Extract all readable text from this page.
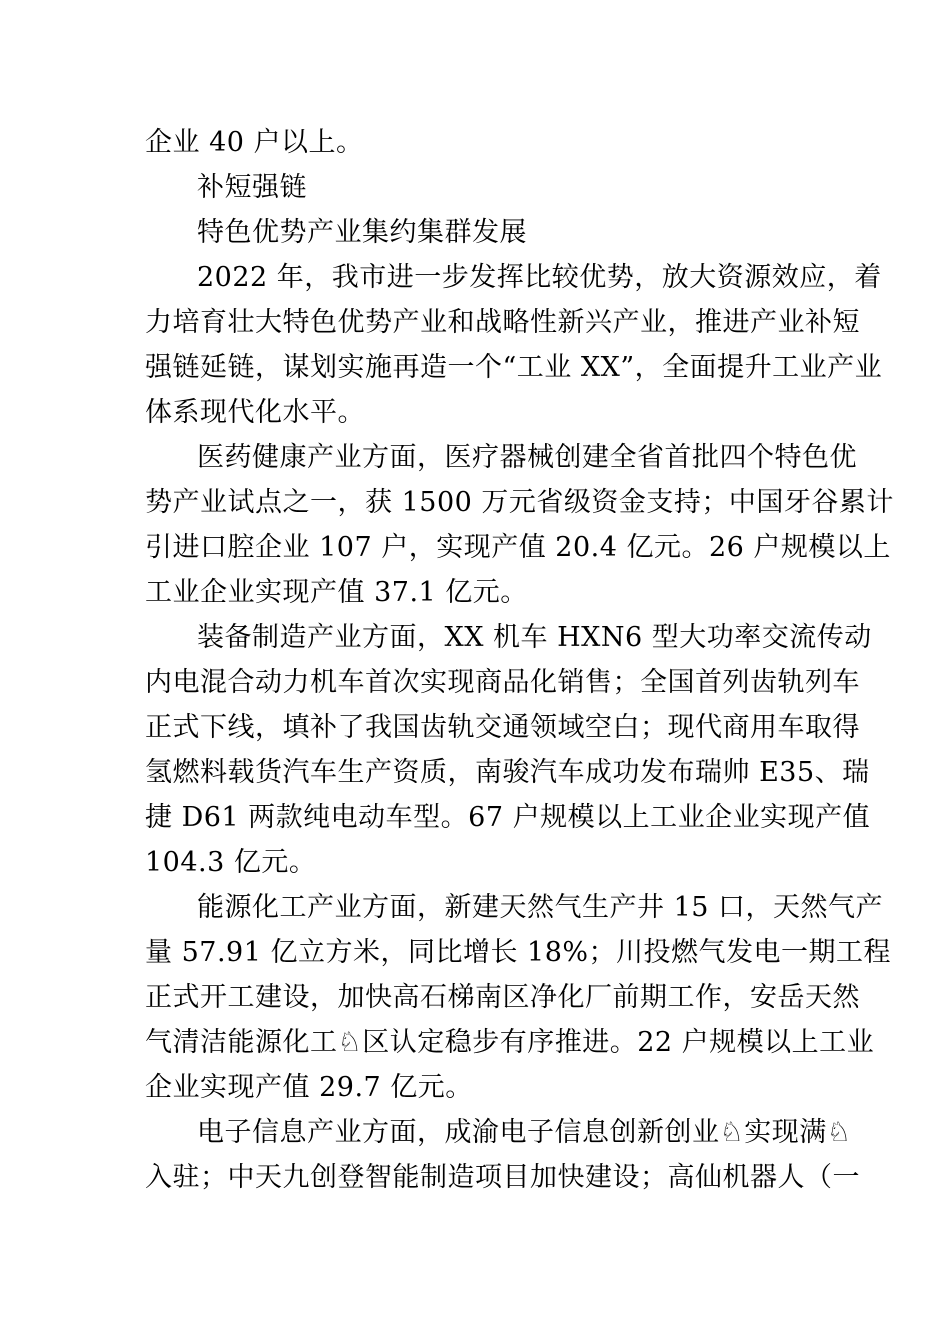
企业 40 户以上。
补短强链
特色优势产业集约集群发展
2022 年，我市进一步发挥比较优势，放大资源效应，着
力培育壮大特色优势产业和战略性新兴产业，推进产业补短
强链延链，谋划实施再造一个“工业 XX”，全面提升工业产业
体系现代化水平。
医药健康产业方面，医疗器械创建全省首批四个特色优
势产业试点之一，获 1500 万元省级资金支持；中国牙谷累计
引进口腔企业 107 户，实现产值 20.4 亿元。26 户规模以上
工业企业实现产值 37.1 亿元。
装备制造产业方面，XX 机车 HXN6 型大功率交流传动
内电混合动力机车首次实现商品化销售；全国首列齿轨列车
正式下线，填补了我国齿轨交通领域空白；现代商用车取得
氢燃料载货汽车生产资质，南骏汽车成功发布瑞帅 E35、瑞
捷 D61 两款纯电动车型。67 户规模以上工业企业实现产值
104.3 亿元。
能源化工产业方面，新建天然气生产井 15 口，天然气产
量 57.91 亿立方米，同比增长 18%；川投燃气发电一期工程
正式开工建设，加快高石梯南区净化厂前期工作，安岳天然
气清洁能源化工♘区认定稳步有序推进。22 户规模以上工业
企业实现产值 29.7 亿元。
电子信息产业方面，成渝电子信息创新创业♘实现满♘
入驻；中天九创登智能制造项目加快建设；高仙机器人（一
